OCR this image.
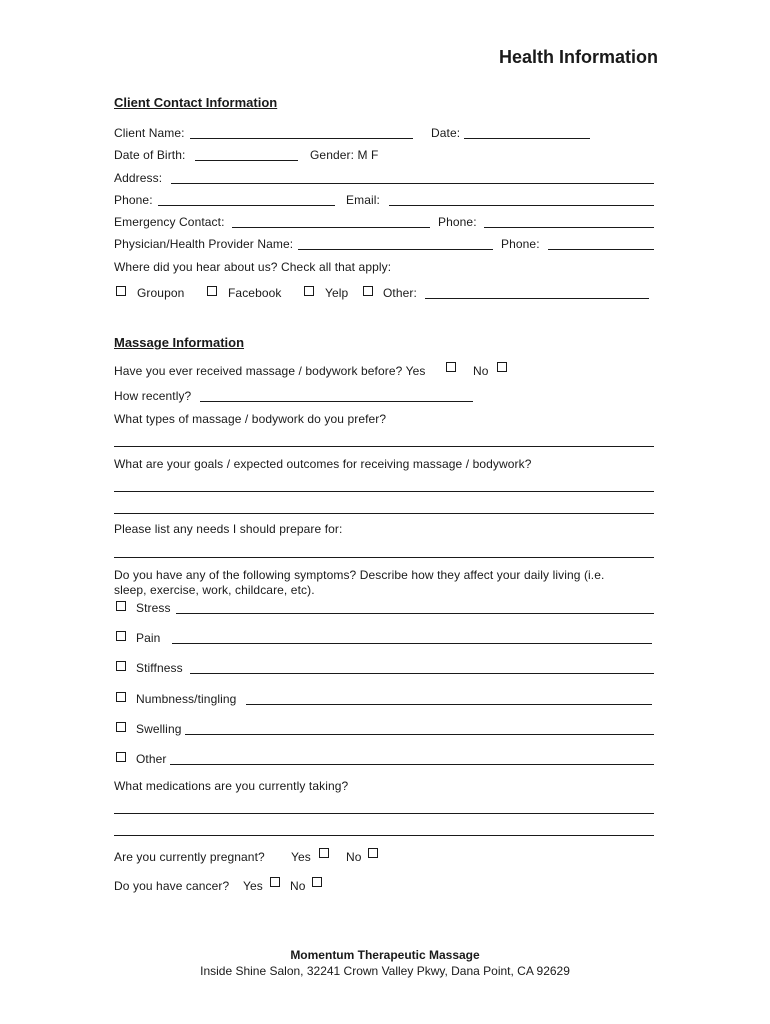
Health Information
Client Contact Information
Client Name:	Date:
Date of Birth:	Gender: M F
Address:
Phone:	Email:
Emergency Contact:	Phone:
Physician/Health Provider Name:	Phone:
Where did you hear about us? Check all that apply:
Groupon	Facebook	Yelp	Other:
Massage Information
Have you ever received massage / bodywork before? Yes	No
How recently?
What types of massage / bodywork do you prefer?
What are your goals / expected outcomes for receiving massage / bodywork?
Please list any needs I should prepare for:
Do you have any of the following symptoms? Describe how they affect your daily living (i.e.
sleep, exercise, work, childcare, etc).
Stress
Pain
Stiffness
Numbness/tingling
Swelling
Other
What medications are you currently taking?
Are you currently pregnant? Yes	No
Do you have cancer? Yes No
Momentum Therapeutic Massage
Inside Shine Salon, 32241 Crown Valley Pkwy, Dana Point, CA 92629
